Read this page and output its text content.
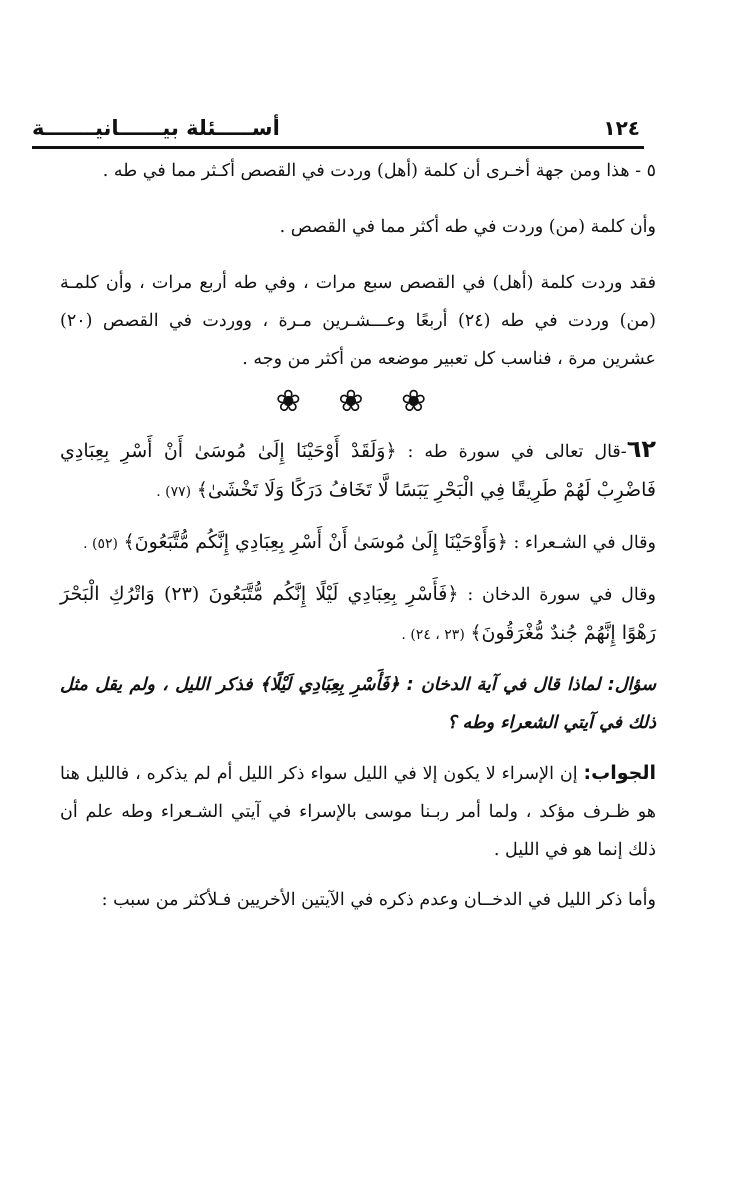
أســـــئلة بيــــــانيـــــــة	١٢٤

٥ - هذا ومن جهة أخـرى أن كلمة (أهل) وردت في القصص أكـثر مما في طه .

وأن كلمة (من) وردت في طه أكثر مما في القصص .

فقد وردت كلمة (أهل) في القصص سبع مرات ، وفي طه أربع مرات ، وأن كلمـة (من) وردت في طه (٢٤) أربعًا وعـــشـرين مـرة ، ووردت في القصص (٢٠) عشرين مرة ، فناسب كل تعبير موضعه من أكثر من وجه .

❀ ❀ ❀

٦٢-قال تعالى في سورة طه : ﴿وَلَقَدْ أَوْحَيْنَا إِلَىٰ مُوسَىٰ أَنْ أَسْرِ بِعِبَادِي فَاضْرِبْ لَهُمْ طَرِيقًا فِي الْبَحْرِ يَبَسًا لَّا تَخَافُ دَرَكًا وَلَا تَخْشَىٰ﴾ (٧٧) .

وقال في الشـعراء : ﴿وَأَوْحَيْنَا إِلَىٰ مُوسَىٰ أَنْ أَسْرِ بِعِبَادِي إِنَّكُم مُّتَّبَعُونَ﴾ (٥٢) .

وقال في سورة الدخان : ﴿فَأَسْرِ بِعِبَادِي لَيْلًا إِنَّكُم مُّتَّبَعُونَ (٢٣) وَاتْرُكِ الْبَحْرَ رَهْوًا إِنَّهُمْ جُندٌ مُّغْرَقُونَ﴾ (٢٣ ، ٢٤) .

سؤال: لماذا قال في آية الدخان : ﴿فَأَسْرِ بِعِبَادِي لَيْلًا﴾ فذكر الليل ، ولم يقل مثل ذلك في آيتي الشعراء وطه ؟

الجواب: إن الإسراء لا يكون إلا في الليل سواء ذكر الليل أم لم يذكره ، فالليل هنا هو ظـرف مؤكد ، ولما أمر ربـنا موسى بالإسراء في آيتي الشـعراء وطه علم أن ذلك إنما هو في الليل .

وأما ذكر الليل في الدخــان وعدم ذكره في الآيتين الأخريين فـلأكثر من سبب :
